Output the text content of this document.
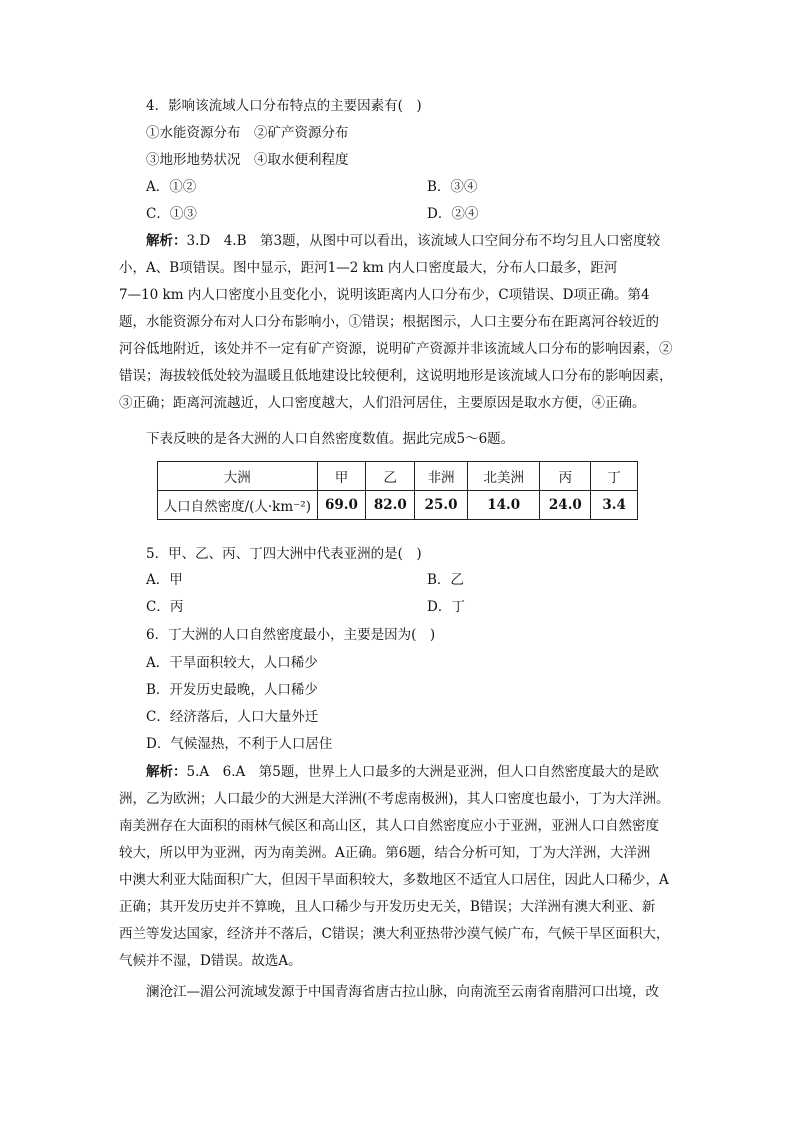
4．影响该流域人口分布特点的主要因素有(　)
①水能资源分布　②矿产资源分布
③地形地势状况　④取水便利程度
A．①②	B．③④
C．①③	D．②④
解析：3.D　4.B　第3题，从图中可以看出，该流域人口空间分布不均匀且人口密度较
小，A、B项错误。图中显示，距河1—2 km 内人口密度最大，分布人口最多，距河
7—10 km 内人口密度小且变化小，说明该距离内人口分布少，C项错误、D项正确。第4
题，水能资源分布对人口分布影响小，①错误；根据图示，人口主要分布在距离河谷较近的
河谷低地附近，该处并不一定有矿产资源，说明矿产资源并非该流域人口分布的影响因素，②
错误；海拔较低处较为温暖且低地建设比较便利，这说明地形是该流域人口分布的影响因素，
③正确；距离河流越近，人口密度越大，人们沿河居住，主要原因是取水方便，④正确。
下表反映的是各大洲的人口自然密度数值。据此完成5～6题。
大洲	甲	乙	非洲	北美洲	丙	丁
人口自然密度/(人·km⁻²)	69.0	82.0	25.0	14.0	24.0	3.4
5．甲、乙、丙、丁四大洲中代表亚洲的是(　)
A．甲	B．乙
C．丙	D．丁
6．丁大洲的人口自然密度最小，主要是因为(　)
A．干旱面积较大，人口稀少
B．开发历史最晚，人口稀少
C．经济落后，人口大量外迁
D．气候湿热，不利于人口居住
解析：5.A　6.A　第5题，世界上人口最多的大洲是亚洲，但人口自然密度最大的是欧
洲，乙为欧洲；人口最少的大洲是大洋洲(不考虑南极洲)，其人口密度也最小，丁为大洋洲。
南美洲存在大面积的雨林气候区和高山区，其人口自然密度应小于亚洲，亚洲人口自然密度
较大，所以甲为亚洲，丙为南美洲。A正确。第6题，结合分析可知，丁为大洋洲，大洋洲
中澳大利亚大陆面积广大，但因干旱面积较大，多数地区不适宜人口居住，因此人口稀少，A
正确；其开发历史并不算晚，且人口稀少与开发历史无关，B错误；大洋洲有澳大利亚、新
西兰等发达国家，经济并不落后，C错误；澳大利亚热带沙漠气候广布，气候干旱区面积大，
气候并不湿，D错误。故选A。
澜沧江—湄公河流域发源于中国青海省唐古拉山脉，向南流至云南省南腊河口出境，改
